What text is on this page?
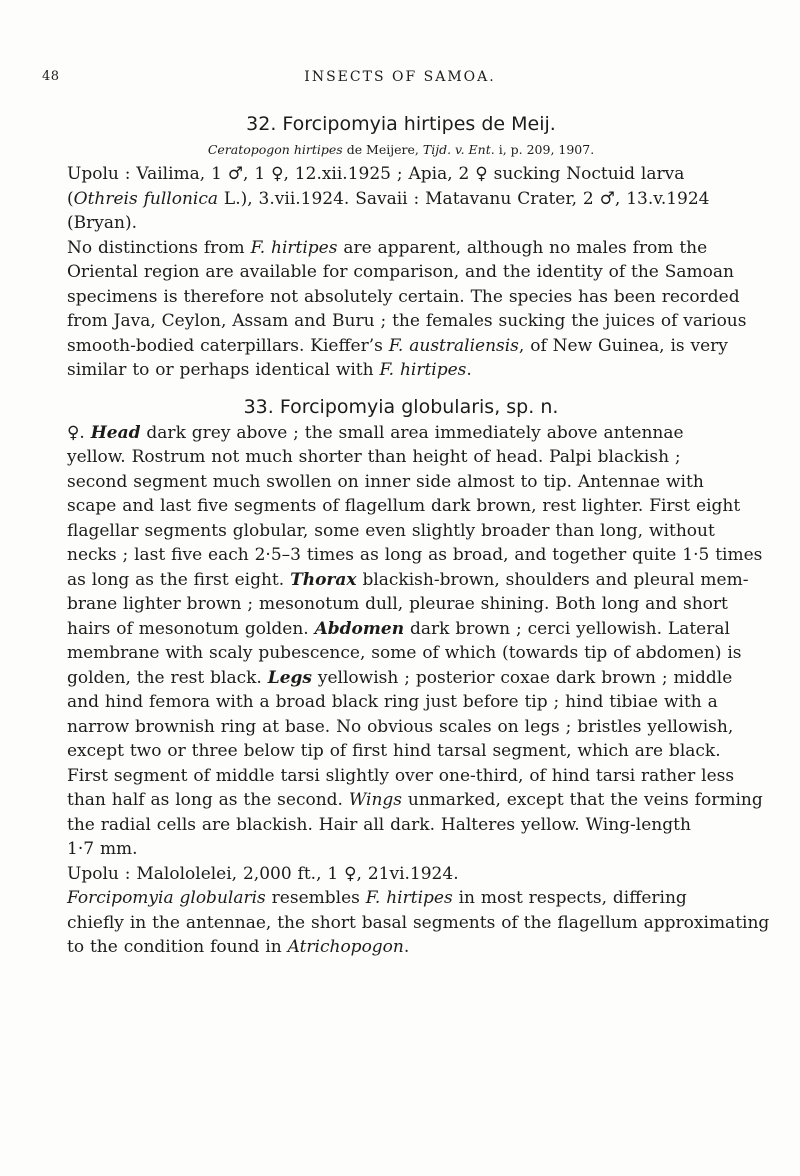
48	INSECTS OF SAMOA.
32. Forcipomyia hirtipes de Meij.
Ceratopogon hirtipes de Meijere, Tijd. v. Ent. i, p. 209, 1907.

Upolu : Vailima, 1 ♂, 1 ♀, 12.xii.1925 ; Apia, 2 ♀ sucking Noctuid larva
(Othreis fullonica L.), 3.vii.1924. Savaii : Matavanu Crater, 2 ♂, 13.v.1924
(Bryan).

No distinctions from F. hirtipes are apparent, although no males from the
Oriental region are available for comparison, and the identity of the Samoan
specimens is therefore not absolutely certain. The species has been recorded
from Java, Ceylon, Assam and Buru ; the females sucking the juices of various
smooth-bodied caterpillars. Kieffer’s F. australiensis, of New Guinea, is very
similar to or perhaps identical with F. hirtipes.

33. Forcipomyia globularis, sp. n.

♀. Head dark grey above ; the small area immediately above antennae
yellow. Rostrum not much shorter than height of head. Palpi blackish ;
second segment much swollen on inner side almost to tip. Antennae with
scape and last five segments of flagellum dark brown, rest lighter. First eight
flagellar segments globular, some even slightly broader than long, without
necks ; last five each 2·5–3 times as long as broad, and together quite 1·5 times
as long as the first eight. Thorax blackish-brown, shoulders and pleural mem-
brane lighter brown ; mesonotum dull, pleurae shining. Both long and short
hairs of mesonotum golden. Abdomen dark brown ; cerci yellowish. Lateral
membrane with scaly pubescence, some of which (towards tip of abdomen) is
golden, the rest black. Legs yellowish ; posterior coxae dark brown ; middle
and hind femora with a broad black ring just before tip ; hind tibiae with a
narrow brownish ring at base. No obvious scales on legs ; bristles yellowish,
except two or three below tip of first hind tarsal segment, which are black.
First segment of middle tarsi slightly over one-third, of hind tarsi rather less
than half as long as the second. Wings unmarked, except that the veins forming
the radial cells are blackish. Hair all dark. Halteres yellow. Wing-length
1·7 mm.

Upolu : Malololelei, 2,000 ft., 1 ♀, 21vi.1924.

Forcipomyia globularis resembles F. hirtipes in most respects, differing
chiefly in the antennae, the short basal segments of the flagellum approximating
to the condition found in Atrichopogon.
